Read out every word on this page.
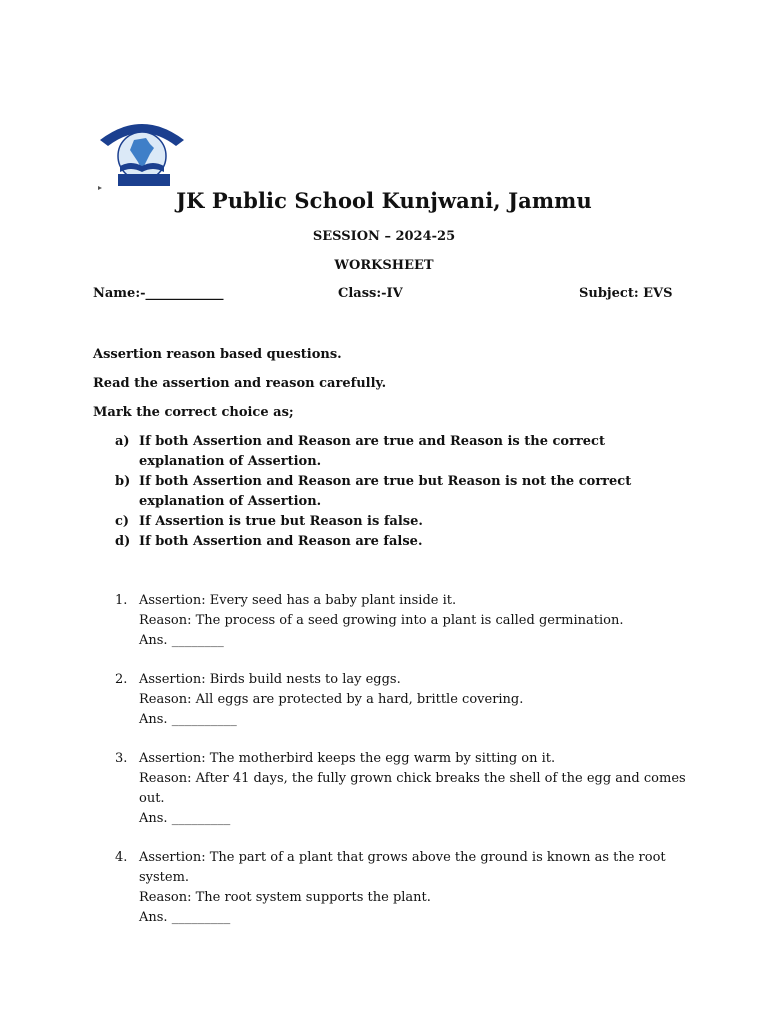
JK Public School Kunjwani, Jammu
SESSION – 2024-25
WORKSHEET
Name:-____________	Class:-IV	Subject: EVS
Assertion reason based questions.
Read the assertion and reason carefully.
Mark the correct choice as;
a) If both Assertion and Reason are true and Reason is the correct explanation of Assertion.
b) If both Assertion and Reason are true but Reason is not the correct explanation of Assertion.
c) If Assertion is true but Reason is false.
d) If both Assertion and Reason are false.
1. Assertion: Every seed has a baby plant inside it.
Reason: The process of a seed growing into a plant is called germination.
Ans. ________
2. Assertion: Birds build nests to lay eggs.
Reason: All eggs are protected by a hard, brittle covering.
Ans. __________
3. Assertion: The motherbird keeps the egg warm by sitting on it.
Reason: After 41 days, the fully grown chick breaks the shell of the egg and comes out.
Ans. _________
4. Assertion: The part of a plant that grows above the ground is known as the root system.
Reason: The root system supports the plant.
Ans. _________
